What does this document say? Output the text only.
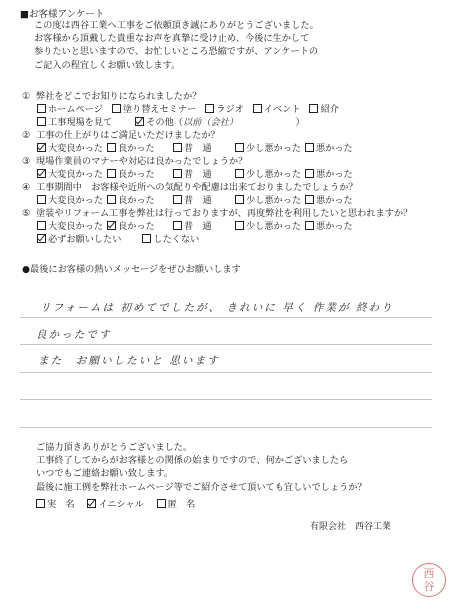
■お客様アンケート
この度は西谷工業へ工事をご依頼頂き誠にありがとうございました。
お客様から頂戴した貴重なお声を真摯に受け止め、今後に生かして
参りたいと思いますので、お忙しいところ恐縮ですが、アンケートの
ご記入の程宜しくお願い致します。
① 弊社をどこでお知りになられましたか？
ホームページ 塗り替えセミナー ラジオ イベント 紹介
工事現場を見て	その他（以前（会社）	）
② 工事の仕上がりはご満足いただけましたか？
大変良かった 良かった	普　通	少し悪かった 悪かった
③ 現場作業員のマナーや対応は良かったでしょうか？
大変良かった 良かった	普　通	少し悪かった 悪かった
④ 工事期間中　お客様や近所への気配りや配慮は出来ておりましたでしょうか？
大変良かった 良かった	普　通	少し悪かった 悪かった
⑤ 塗装やリフォーム工事を弊社は行っておりますが、再度弊社を利用したいと思われますか？
大変良かった 良かった	普　通	少し悪かった 悪かった
必ずお願いしたい	したくない
●最後にお客様の熱いメッセージをぜひお願いします
リフォームは 初めてでしたが、 きれいに 早く 作業が 終わり
良かったです
また　お願いしたいと 思います
ご協力頂きありがとうございました。
工事終了してからがお客様との関係の始まりですので、何かございましたら
いつでもご連絡お願い致します。
最後に施工例を弊社ホームページ等でご紹介させて頂いても宜しいでしょうか？
実　名	イニシャル	匿　名
有限会社　西谷工業
西
谷
